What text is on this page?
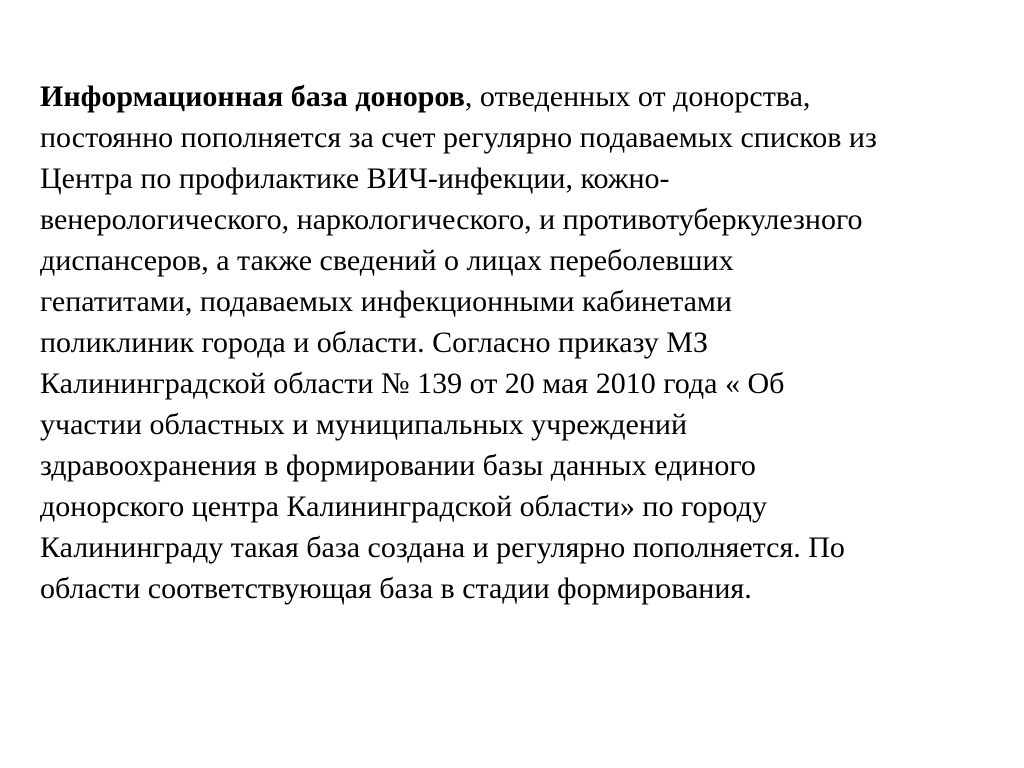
Информационная база доноров, отведенных от донорства,
постоянно пополняется за счет регулярно подаваемых списков из
Центра по профилактике ВИЧ-инфекции, кожно-
венерологического, наркологического, и противотуберкулезного
диспансеров, а также сведений о лицах переболевших
гепатитами, подаваемых инфекционными кабинетами
поликлиник города и области. Согласно приказу МЗ
Калининградской области № 139 от 20 мая 2010 года « Об
участии областных и муниципальных учреждений
здравоохранения в формировании базы данных единого
донорского центра Калининградской области» по городу
Калининграду такая база создана и регулярно пополняется. По
области соответствующая база в стадии формирования.
